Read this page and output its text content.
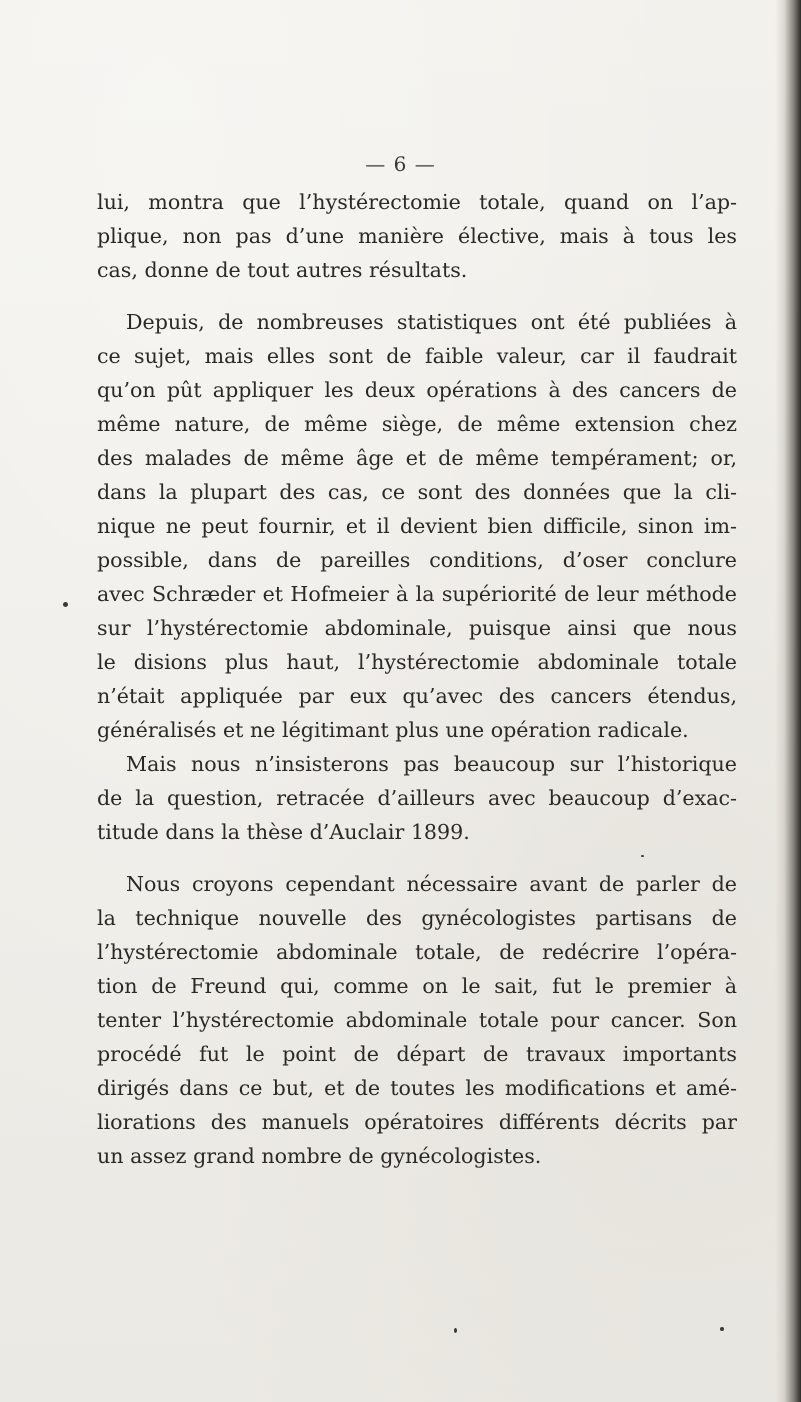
— 6 —
lui, montra que l’hystérectomie totale, quand on l’ap-
plique, non pas d’une manière élective, mais à tous les
cas, donne de tout autres résultats.
Depuis, de nombreuses statistiques ont été publiées à
ce sujet, mais elles sont de faible valeur, car il faudrait
qu’on pût appliquer les deux opérations à des cancers de
même nature, de même siège, de même extension chez
des malades de même âge et de même tempérament; or,
dans la plupart des cas, ce sont des données que la cli-
nique ne peut fournir, et il devient bien difficile, sinon im-
possible, dans de pareilles conditions, d’oser conclure
avec Schræder et Hofmeier à la supériorité de leur méthode
sur l’hystérectomie abdominale, puisque ainsi que nous
le disions plus haut, l’hystérectomie abdominale totale
n’était appliquée par eux qu’avec des cancers étendus,
généralisés et ne légitimant plus une opération radicale.
Mais nous n’insisterons pas beaucoup sur l’historique
de la question, retracée d’ailleurs avec beaucoup d’exac-
titude dans la thèse d’Auclair 1899.
Nous croyons cependant nécessaire avant de parler de
la technique nouvelle des gynécologistes partisans de
l’hystérectomie abdominale totale, de redécrire l’opéra-
tion de Freund qui, comme on le sait, fut le premier à
tenter l’hystérectomie abdominale totale pour cancer. Son
procédé fut le point de départ de travaux importants
dirigés dans ce but, et de toutes les modifications et amé-
liorations des manuels opératoires différents décrits par
un assez grand nombre de gynécologistes.
